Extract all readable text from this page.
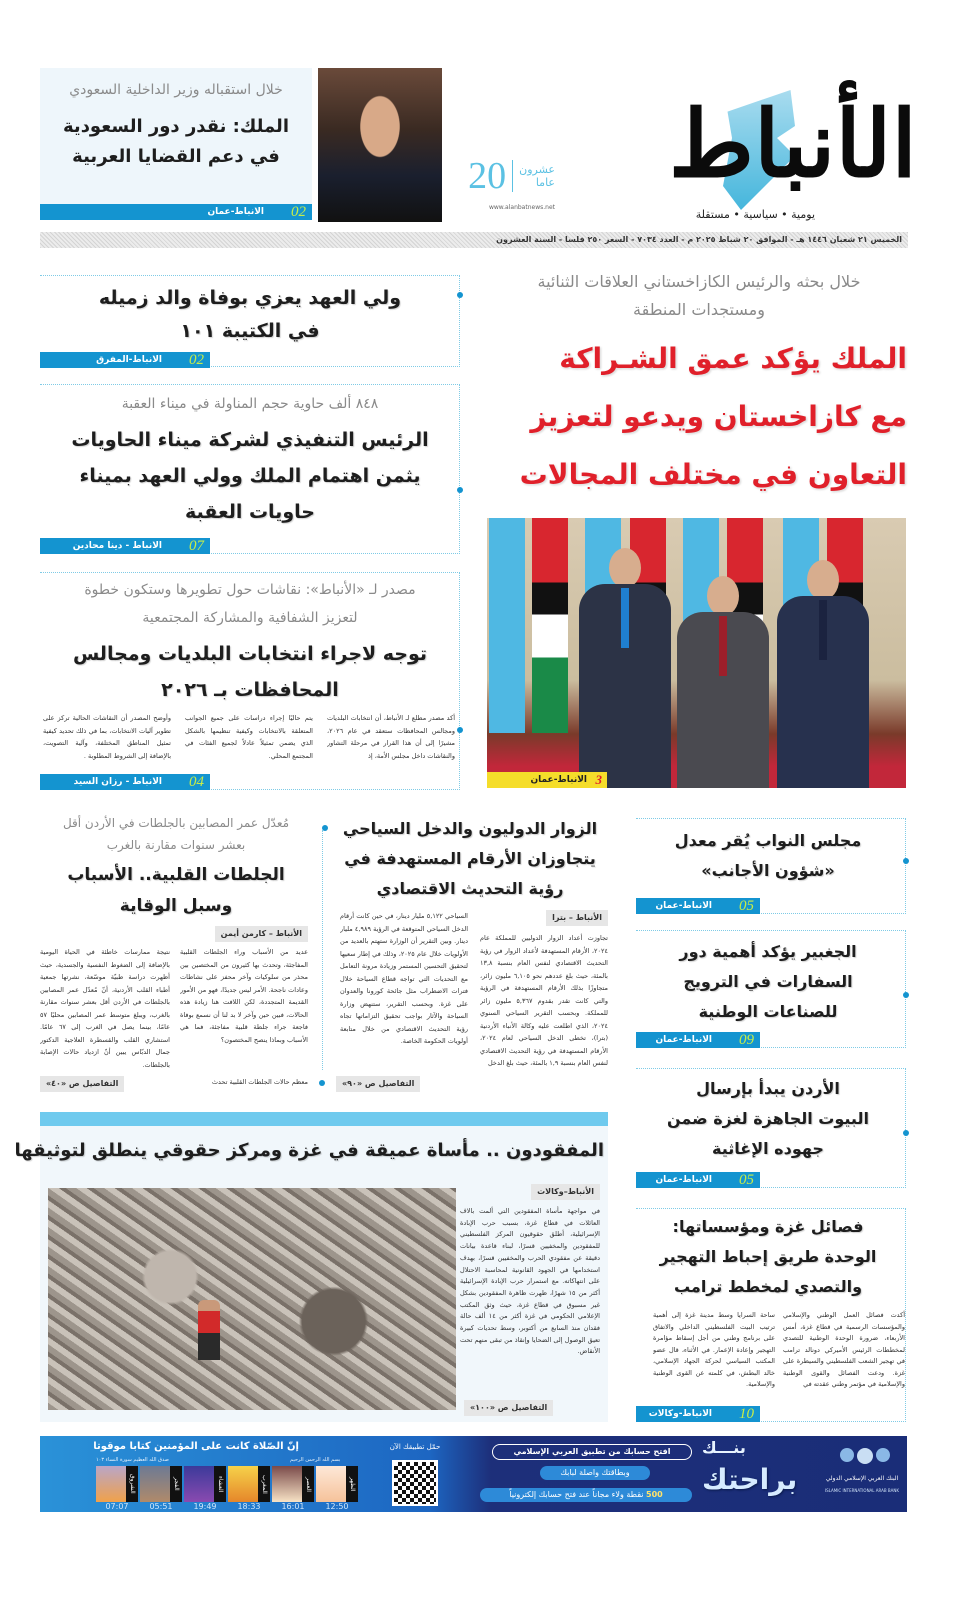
الأنباط
يومية • سياسية • مستقلة
20 عشرون
عاما
www.alanbatnews.net
الخميس ٢١ شعبان ١٤٤٦ هـ - الموافق ٢٠ شباط ٢٠٢٥ م - العدد ٧٠٣٤ - السعر ٢٥٠ فلسا - السنة العشرون
خلال استقباله وزير الداخلية السعودي
الملك: نقدر دور السعودية
في دعم القضايا العربية
02
الانباط-عمان
خلال بحثه والرئيس الكازاخستاني العلاقات الثنائية
ومستجدات المنطقة
الملك يؤكد عمق الشـراكة
مع كازاخستان ويدعو لتعزيز
التعاون في مختلف المجالات
3
الانباط-عمان
ولي العهد يعزي بوفاة والد زميله
في الكتيبة ١٠١
02
الانباط-المفرق
٨٤٨ ألف حاوية حجم المناولة في ميناء العقبة
الرئيس التنفيذي لشركة ميناء الحاويات
يثمن اهتمام الملك وولي العهد بميناء
حاويات العقبة
07
الانباط - دينا محادين
مصدر لـ «الأنباط»: نقاشات حول تطويرها وستكون خطوة
لتعزيز الشفافية والمشاركة المجتمعية
توجه لاجراء انتخابات البلديات ومجالس
المحافظات بـ ٢٠٢٦
أكد مصدر مطلع لـ الأنباط، أن انتخابات البلديات ومجالس المحافظات ستعقد في عام ٢٠٢٦، مشيرًا إلى أن هذا القرار في مرحلة التشاور والنقاشات داخل مجلس الأمة، إذ
يتم حاليًا إجراء دراسات على جميع الجوانب المتعلقة بالانتخابات وكيفية تنظيمها بالشكل الذي يضمن تمثيلاً عادلاً لجميع الفئات في المجتمع المحلي.
وأوضح المصدر أن النقاشات الحالية تركز على تطوير آليات الانتخابات، بما في ذلك تحديد كيفية تمثيل المناطق المختلفة، وآلية التصويت، بالإضافة إلى الشروط المطلوبة .
04
الانباط - رزان السيد
مُعدّل عمر المصابين بالجلطات في الأردن أقل
بعشر سنوات مقارنة بالغرب
الجلطات القلبية.. الأسباب
وسبل الوقاية
الأنباط – كارمن أيمن
عديد من الأسباب وراء الجلطات القلبية المفاجئة، وتحدث بها كثيرون من المختصين بين محذر من سلوكيات وآخر محفز على نشاطات وعادات ناجحة. الأمر ليس جديدًا، فهو من الأمور القديمة المتجددة، لكن اللافت هنا زيادة هذه الحالات، فبين حين وآخر لا بد لنا أن نسمع بوفاة فاجعة جراء جلطة قلبية مفاجئة، فما هي الأسباب وبماذا ينصح المختصون؟
نتيجة ممارسات خاطئة في الحياة اليومية بالإضافة إلى الضغوط النفسية والجسدية، حيث أظهرت دراسة طبيّة موسّعة، نشرتها جمعية أطباء القلب الأردنية، أنّ مُعدّل عمر المصابين بالجلطات في الأردن أقل بعشر سنوات مقارنة بالغرب، ويبلغ متوسط عمر المصابين محليًا ٥٧ عامًا، بينما يصل في الغرب إلى ٦٧ عامًا. استشاري القلب والقسطرة العلاجية الدكتور جمال الدبّاس يبين أنّ ازدياد حالات الإصابة بالجلطات.
معظم حالات الجلطات القلبية تحدث
التفاصيل ص «٤٠»
الزوار الدوليون والدخل السياحي
يتجاوزان الأرقام المستهدفة في
رؤية التحديث الاقتصادي
الأنباط – بترا
تجاوزت أعداد الزوار الدوليين للمملكة عام ٢٠٢٤، الأرقام المستهدفة لأعداد الزوار في رؤية التحديث الاقتصادي لنفس العام بنسبة ١٣,٨ بالمئة، حيث بلغ عددهم نحو ٦,١٠٥ مليون زائر، متجاوزًا بذلك الأرقام المستهدفة في الرؤية والتي كانت تقدر بقدوم ٥,٣٦٧ مليون زائر للمملكة. وبحسب التقرير السياحي السنوي ٢٠٢٤، الذي اطلعت عليه وكالة الأنباء الأردنية (بترا)، تخطى الدخل السياحي لعام ٢٠٢٤، الأرقام المستهدفة في رؤية التحديث الاقتصادي لنفس العام بنسبة ١,٩ بالمئة، حيث بلغ الدخل
السياحي ٥,١٢٢ مليار دينار، في حين كانت أرقام الدخل السياحي المتوقعة في الرؤية ٤,٩٨٩ مليار دينار. وبين التقرير أن الوزارة ستهتم بالعديد من الأولويات خلال عام ٢٠٢٥، وذلك في إطار سعيها لتحقيق التحسين المستمر وزيادة مرونة التعامل مع التحديات التي تواجه قطاع السياحة خلال فترات الاضطراب مثل جائحة كورونا والعدوان على غزة. وبحسب التقرير، ستنهض وزارة السياحة والآثار بواجب تحقيق التزاماتها تجاه رؤية التحديث الاقتصادي من خلال متابعة أولويات الحكومة الخاصة.
التفاصيل ص «٩٠»
مجلس النواب يُقر معدل
«شؤون الأجانب»
05
الانباط-عمان
الجغبير يؤكد أهمية دور
السفارات في الترويج
للصناعات الوطنية
09
الانباط-عمان
الأردن يبدأ بإرسال
البيوت الجاهزة لغزة ضمن
جهوده الإغاثية
05
الانباط-عمان
فصائل غزة ومؤسساتها:
الوحدة طريق إحباط التهجير
والتصدي لمخطط ترامب
أكدت فصائل العمل الوطني والإسلامي والمؤسسات الرسمية في قطاع غزة، أمس الأربعاء، ضرورة الوحدة الوطنية للتصدي لمخططات الرئيس الأميركي دونالد ترامب في تهجير الشعب الفلسطيني والسيطرة على غزة. ودعت الفصائل والقوى الوطنية والإسلامية في مؤتمر وطني عقدته في
ساحة السرايا وسط مدينة غزة إلى أهمية ترتيب البيت الفلسطيني الداخلي والاتفاق على برنامج وطني من أجل إسقاط مؤامرة التهجير وإعادة الإعمار. في الأثناء، قال عضو المكتب السياسي لحركة الجهاد الإسلامي، خالد البطش، في كلمته عن القوى الوطنية والإسلامية.
10
الانباط-وكالات
المفقودون .. مأساة عميقة في غزة ومركز حقوقي ينطلق لتوثيقها
الأنباط–وكالات
في مواجهة مأساة المفقودين التي ألمت بالاف العائلات في قطاع غزة، بسبب حرب الإبادة الإسرائيلية، أطلق حقوقيون المركز الفلسطيني للمفقودين والمخفيين قسرًا، لبناء قاعدة بيانات دقيقة عن مفقودي الحرب والمخفيين قسرًا، بهدف استخدامها في الجهود القانونية لمحاسبة الاحتلال على انتهاكاته. مع استمرار حرب الإبادة الإسرائيلية أكثر من ١٥ شهرًا، ظهرت ظاهرة المفقودين بشكل غير مسبوق في قطاع غزة، حيث وثق المكتب الإعلامي الحكومي في غزة أكثر من ١٤ ألف حالة فقدان منذ السابع من أكتوبر، وسط تحديات كبيرة تعيق الوصول إلى الضحايا وإنقاذ من تبقى منهم تحت الأنقاض.
التفاصيل ص «١٠٠»
إنّ الصّلاة كانت على المؤمنين كتابا موقوتا
صدق الله العظيم سورة النساء ١٠٣	بسم الله الرحمن الرحيم
الشروق
07:07
الفجر
05:51
العشاء
19:49
المغرب
18:33
العصر
16:01
الظهر
12:50
حمّل تطبيقك الآن	افتح حسابك من تطبيق العربي الإسلامي
وبطاقتك واصلة لبابك
500 نقطة ولاء مجاناً عند فتح حسابك إلكترونياً
بنـــك
براحتك	البنك العربي الإسلامي الدولي
ISLAMIC INTERNATIONAL ARAB BANK
